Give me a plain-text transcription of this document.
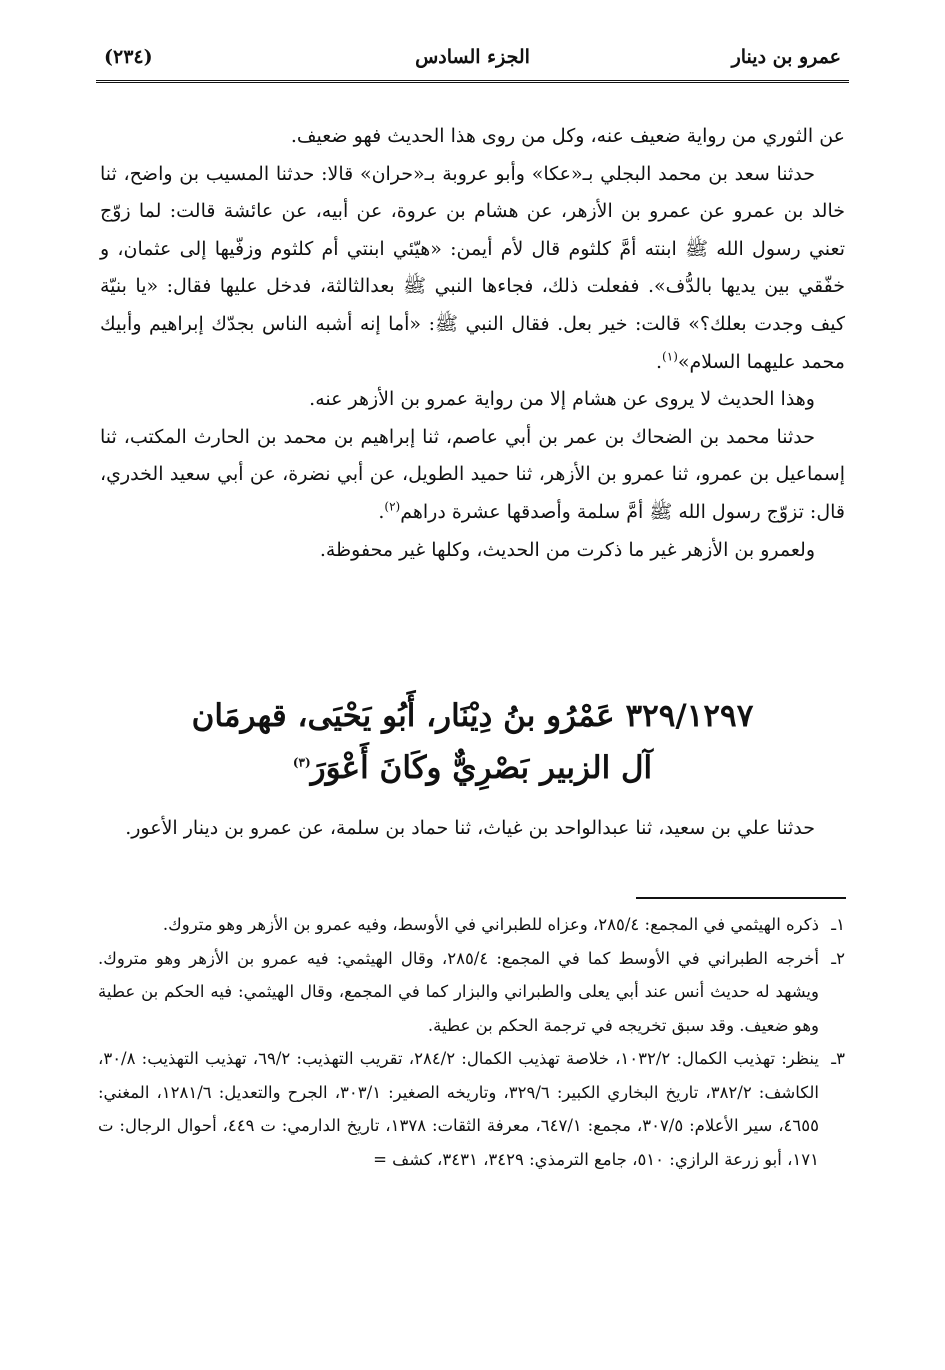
عمرو بن دينار
الجزء السادس
(٢٣٤)

عن الثوري من رواية ضعيف عنه، وكل من روى هذا الحديث فهو ضعيف.

حدثنا سعد بن محمد البجلي بـ«عكا» وأبو عروبة بـ«حران» قالا: حدثنا المسيب بن واضح، ثنا خالد بن عمرو عن عمرو بن الأزهر، عن هشام بن عروة، عن أبيه، عن عائشة قالت: لما زوّج تعني رسول الله ﷺ ابنته أمَّ كلثوم قال لأم أيمن: «هيّئي ابنتي أم كلثوم وزفّيها إلى عثمان، و خفّقي بين يديها بالدُّف». ففعلت ذلك، فجاءها النبي ﷺ بعدالثالثة، فدخل عليها فقال: «يا بنيّة كيف وجدت بعلك؟» قالت: خير بعل. فقال النبي ﷺ: «أما إنه أشبه الناس بجدّك إبراهيم وأبيك محمد عليهما السلام»$^{(١)}$.

وهذا الحديث لا يروى عن هشام إلا من رواية عمرو بن الأزهر عنه.

حدثنا محمد بن الضحاك بن عمر بن أبي عاصم، ثنا إبراهيم بن محمد بن الحارث المكتب، ثنا إسماعيل بن عمرو، ثنا عمرو بن الأزهر، ثنا حميد الطويل، عن أبي نضرة، عن أبي سعيد الخدري، قال: تزوّج رسول الله ﷺ أمَّ سلمة وأصدقها عشرة دراهم$^{(٢)}$.

ولعمرو بن الأزهر غير ما ذكرت من الحديث، وكلها غير محفوظة.

٣٢٩/١٢٩٧ عَمْرُو بنُ دِيْنَار، أَبُو يَحْيَى، قهرمَان
آل الزبير بَصْرِيٌّ وكَانَ أَعْوَرَ$^{(٣)}$

حدثنا علي بن سعيد، ثنا عبدالواحد بن غياث، ثنا حماد بن سلمة، عن عمرو بن دينار الأعور.

١ـ
ذكره الهيثمي في المجمع: ٢٨٥/٤، وعزاه للطبراني في الأوسط، وفيه عمرو بن الأزهر وهو متروك.
٢ـ
أخرجه الطبراني في الأوسط كما في المجمع: ٢٨٥/٤، وقال الهيثمي: فيه عمرو بن الأزهر وهو متروك. ويشهد له حديث أنس عند أبي يعلى والطبراني والبزار كما في المجمع، وقال الهيثمي: فيه الحكم بن عطية وهو ضعيف. وقد سبق تخريجه في ترجمة الحكم بن عطية.
٣ـ
ينظر: تهذيب الكمال: ١٠٣٢/٢، خلاصة تهذيب الكمال: ٢٨٤/٢، تقريب التهذيب: ٦٩/٢، تهذيب التهذيب: ٣٠/٨، الكاشف: ٣٨٢/٢، تاريخ البخاري الكبير: ٣٢٩/٦، وتاريخه الصغير: ٣٠٣/١، الجرح والتعديل: ١٢٨١/٦، المغني: ٤٦٥٥، سير الأعلام: ٣٠٧/٥، مجمع: ٦٤٧/١، معرفة الثقات: ١٣٧٨، تاريخ الدارمي: ت ٤٤٩، أحوال الرجال: ت ١٧١، أبو زرعة الرازي: ٥١٠، جامع الترمذي: ٣٤٢٩، ٣٤٣١، كشف =
